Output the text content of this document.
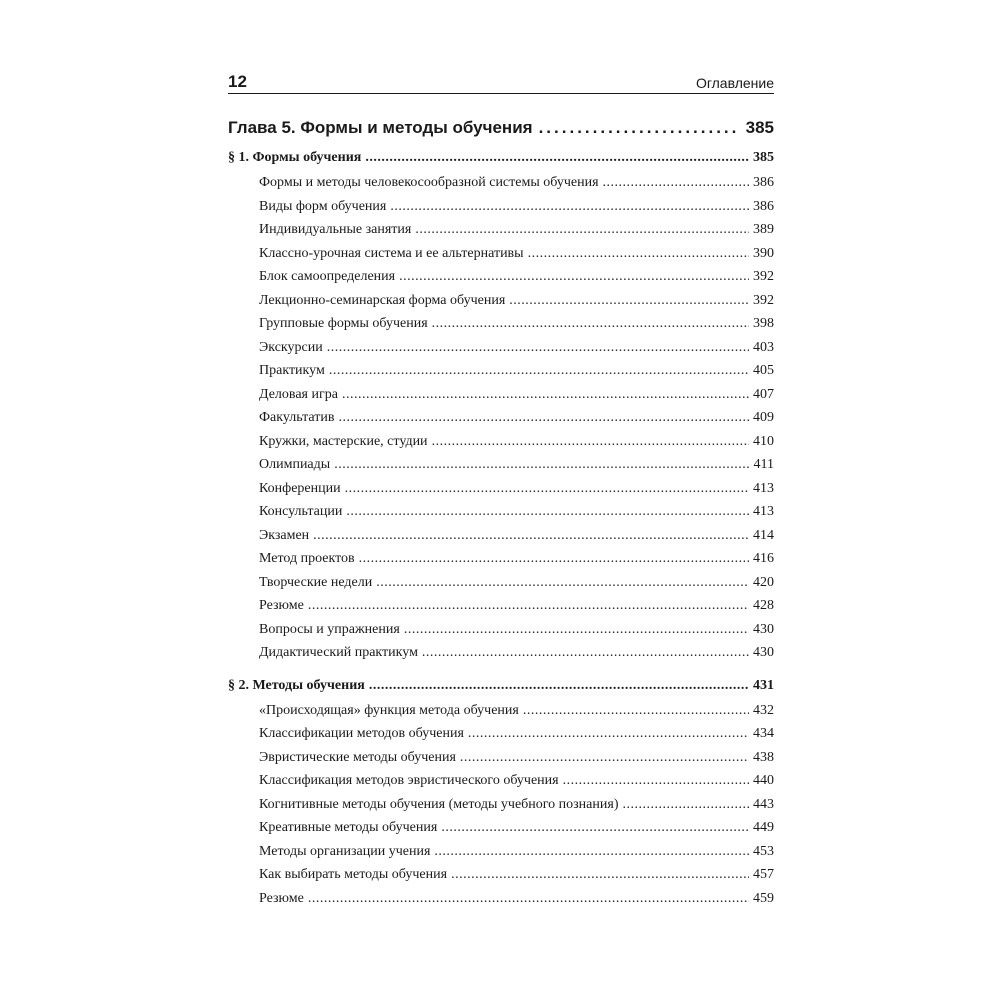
12	Оглавление
Глава 5. Формы и методы обучения .....	385
§ 1. Формы обучения .....	385
Формы и методы человекосообразной системы обучения .....	386
Виды форм обучения .....	386
Индивидуальные занятия .....	389
Классно-урочная система и ее альтернативы .....	390
Блок самоопределения .....	392
Лекционно-семинарская форма обучения .....	392
Групповые формы обучения .....	398
Экскурсии .....	403
Практикум .....	405
Деловая игра .....	407
Факультатив .....	409
Кружки, мастерские, студии .....	410
Олимпиады .....	411
Конференции .....	413
Консультации .....	413
Экзамен .....	414
Метод проектов .....	416
Творческие недели .....	420
Резюме .....	428
Вопросы и упражнения .....	430
Дидактический практикум .....	430
§ 2. Методы обучения .....	431
«Происходящая» функция метода обучения .....	432
Классификации методов обучения .....	434
Эвристические методы обучения .....	438
Классификация методов эвристического обучения .....	440
Когнитивные методы обучения (методы учебного познания) .....	443
Креативные методы обучения .....	449
Методы организации учения .....	453
Как выбирать методы обучения .....	457
Резюме .....	459
